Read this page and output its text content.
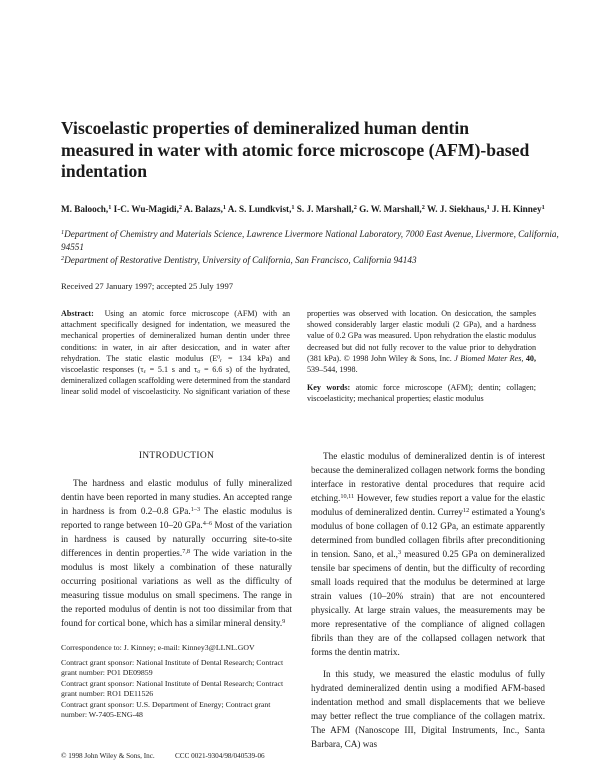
Viscoelastic properties of demineralized human dentin measured in water with atomic force microscope (AFM)-based indentation
M. Balooch,$^1$ I-C. Wu-Magidi,$^2$ A. Balazs,$^1$ A. S. Lundkvist,$^1$ S. J. Marshall,$^2$ G. W. Marshall,$^2$ W. J. Siekhaus,$^1$ J. H. Kinney$^1$
$^1$Department of Chemistry and Materials Science, Lawrence Livermore National Laboratory, 7000 East Avenue, Livermore, California, 94551
$^2$Department of Restorative Dentistry, University of California, San Francisco, California 94143
Received 27 January 1997; accepted 25 July 1997
Abstract: Using an atomic force microscope (AFM) with an attachment specifically designed for indentation, we measured the mechanical properties of demineralized human dentin under three conditions: in water, in air after desiccation, and in water after rehydration. The static elastic modulus ($E^0_r = 134$ kPa) and viscoelastic responses ($\tau_\varepsilon = 5.1$ s and $\tau_\sigma = 6.6$ s) of the hydrated, demineralized collagen scaffolding were determined from the standard linear solid model of viscoelasticity. No significant variation of these properties was observed with location. On desiccation, the samples showed considerably larger elastic moduli (2 GPa), and a hardness value of 0.2 GPa was measured. Upon rehydration the elastic modulus decreased but did not fully recover to the value prior to dehydration (381 kPa). © 1998 John Wiley & Sons, Inc. J Biomed Mater Res, 40, 539–544, 1998.
Key words: atomic force microscope (AFM); dentin; collagen; viscoelasticity; mechanical properties; elastic modulus

The hardness and elastic modulus of fully mineralized dentin have been reported in many studies. An accepted range in hardness is from 0.2–0.8 GPa.$^{1-3}$ The elastic modulus is reported to range between 10–20 GPa.$^{4-6}$ Most of the variation in hardness is caused by naturally occurring site-to-site differences in dentin properties.$^{7,8}$ The wide variation in the modulus is most likely a combination of these naturally occurring positional variations as well as the difficulty of measuring tissue modulus on small specimens. The range in the reported modulus of dentin is not too dissimilar from that found for cortical bone, which has a similar mineral density.$^9$

INTRODUCTION	The elastic modulus of demineralized dentin is of interest because the demineralized collagen network forms the bonding interface in restorative dental procedures that require acid etching.$^{10,11}$ However, few studies report a value for the elastic modulus of demineralized dentin. Currey$^{12}$ estimated a Young's modulus of bone collagen of 0.12 GPa, an estimate apparently determined from bundled collagen fibrils after preconditioning in tension. Sano, et al.,$^3$ measured 0.25 GPa on demineralized tensile bar specimens of dentin, but the difficulty of recording small loads required that the modulus be determined at large strain values (10–20% strain) that are not encountered physically. At large strain values, the measurements may be more representative of the compliance of aligned collagen fibrils than they are of the collapsed collagen network that forms the dentin matrix.

In this study, we measured the elastic modulus of fully hydrated demineralized dentin using a modified AFM-based indentation method and small displacements that we believe may better reflect the true compliance of the collagen matrix. The AFM (Nanoscope III, Digital Instruments, Inc., Santa Barbara, CA) was

Correspondence to: J. Kinney; e-mail: Kinney3@LLNL.GOV
Contract grant sponsor: National Institute of Dental Research; Contract grant number: PO1 DE09859
Contract grant sponsor: National Institute of Dental Research; Contract grant number: RO1 DE11526
Contract grant sponsor: U.S. Department of Energy; Contract grant number: W-7405-ENG-48
© 1998 John Wiley & Sons, Inc.	CCC 0021-9304/98/040539-06
